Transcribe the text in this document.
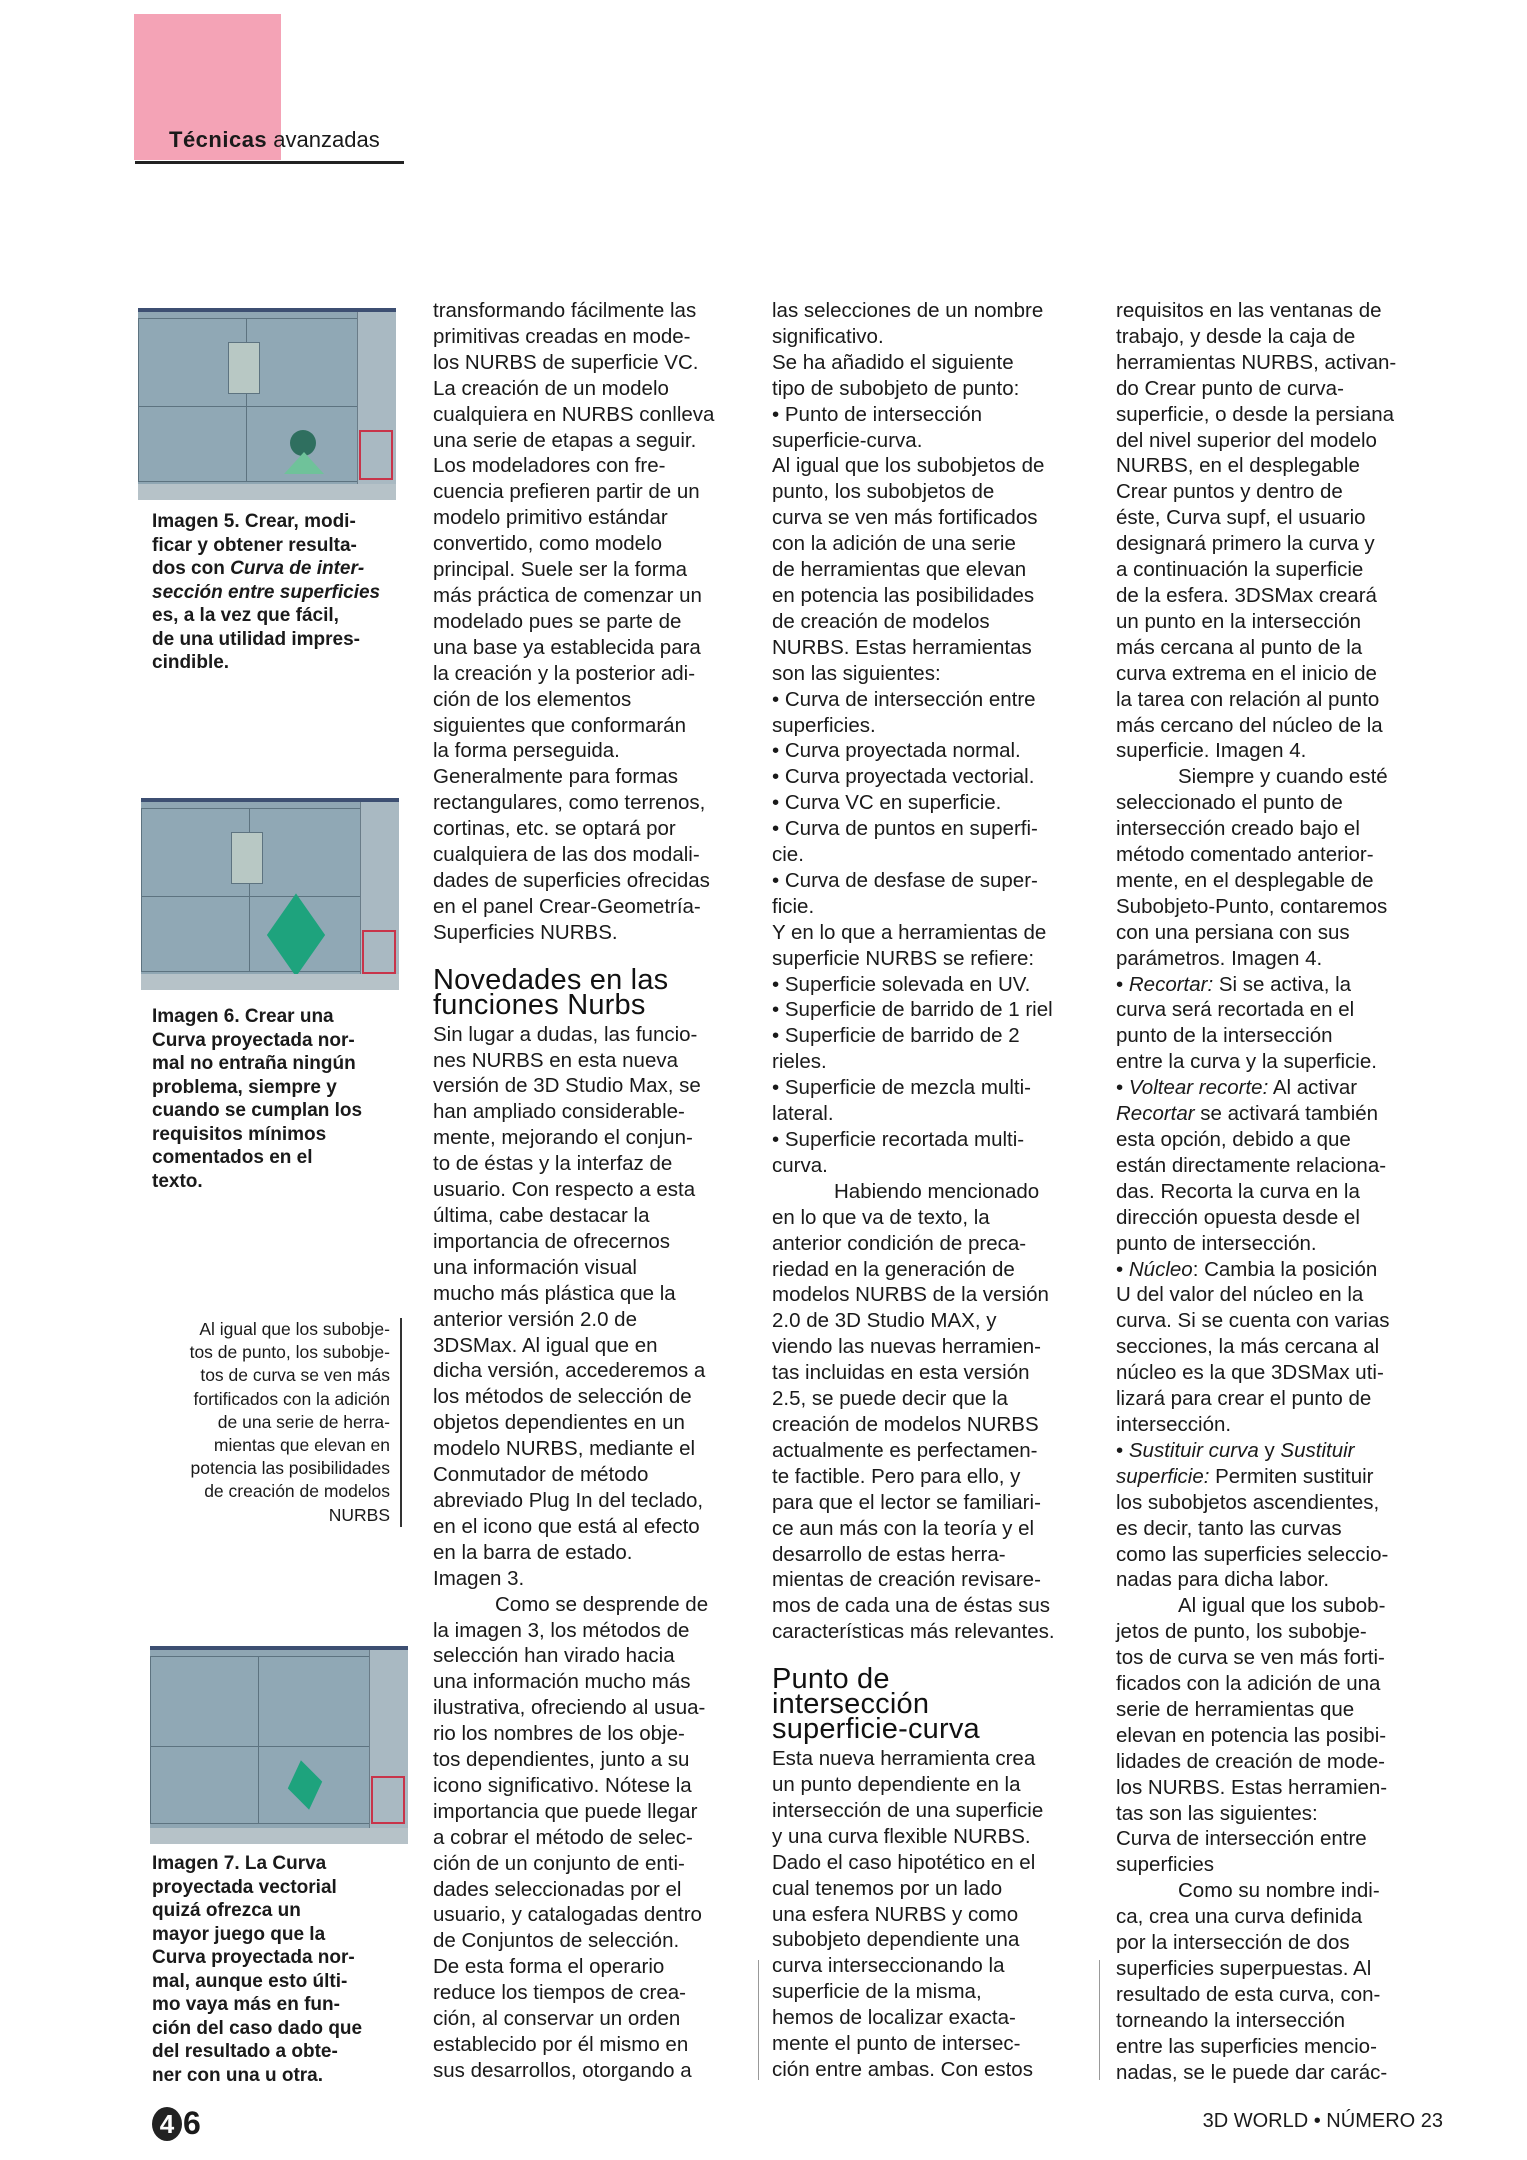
Técnicas avanzadas
Imagen 5. Crear, modi-
ficar y obtener resulta-
dos con Curva de inter-
sección entre superficies
es, a la vez que fácil,
de una utilidad impres-
cindible.
Imagen 6. Crear una
Curva proyectada nor-
mal no entraña ningún
problema, siempre y
cuando se cumplan los
requisitos mínimos
comentados en el
texto.
Al igual que los subobje-
tos de punto, los subobje-
tos de curva se ven más
fortificados con la adición
de una serie de herra-
mientas que elevan en
potencia las posibilidades
de creación de modelos
NURBS
Imagen 7. La Curva
proyectada vectorial
quizá ofrezca un
mayor juego que la
Curva proyectada nor-
mal, aunque esto últi-
mo vaya más en fun-
ción del caso dado que
del resultado a obte-
ner con una u otra.
transformando fácilmente las
primitivas creadas en mode-
los NURBS de superficie VC.
La creación de un modelo
cualquiera en NURBS conlleva
una serie de etapas a seguir.
Los modeladores con fre-
cuencia prefieren partir de un
modelo primitivo estándar
convertido, como modelo
principal. Suele ser la forma
más práctica de comenzar un
modelado pues se parte de
una base ya establecida para
la creación y la posterior adi-
ción de los elementos
siguientes que conformarán
la forma perseguida.
Generalmente para formas
rectangulares, como terrenos,
cortinas, etc. se optará por
cualquiera de las dos modali-
dades de superficies ofrecidas
en el panel Crear-Geometría-
Superficies NURBS.
Novedades en las
funciones Nurbs
Sin lugar a dudas, las funcio-
nes NURBS en esta nueva
versión de 3D Studio Max, se
han ampliado considerable-
mente, mejorando el conjun-
to de éstas y la interfaz de
usuario. Con respecto a esta
última, cabe destacar la
importancia de ofrecernos
una información visual
mucho más plástica que la
anterior versión 2.0 de
3DSMax. Al igual que en
dicha versión, accederemos a
los métodos de selección de
objetos dependientes en un
modelo NURBS, mediante el
Conmutador de método
abreviado Plug In del teclado,
en el icono que está al efecto
en la barra de estado.
Imagen 3.
Como se desprende de
la imagen 3, los métodos de
selección han virado hacia
una información mucho más
ilustrativa, ofreciendo al usua-
rio los nombres de los obje-
tos dependientes, junto a su
icono significativo. Nótese la
importancia que puede llegar
a cobrar el método de selec-
ción de un conjunto de enti-
dades seleccionadas por el
usuario, y catalogadas dentro
de Conjuntos de selección.
De esta forma el operario
reduce los tiempos de crea-
ción, al conservar un orden
establecido por él mismo en
sus desarrollos, otorgando a
las selecciones de un nombre
significativo.
Se ha añadido el siguiente
tipo de subobjeto de punto:
• Punto de intersección
superficie-curva.
Al igual que los subobjetos de
punto, los subobjetos de
curva se ven más fortificados
con la adición de una serie
de herramientas que elevan
en potencia las posibilidades
de creación de modelos
NURBS. Estas herramientas
son las siguientes:
• Curva de intersección entre
superficies.
• Curva proyectada normal.
• Curva proyectada vectorial.
• Curva VC en superficie.
• Curva de puntos en superfi-
cie.
• Curva de desfase de super-
ficie.
Y en lo que a herramientas de
superficie NURBS se refiere:
• Superficie solevada en UV.
• Superficie de barrido de 1 riel
• Superficie de barrido de 2
rieles.
• Superficie de mezcla multi-
lateral.
• Superficie recortada multi-
curva.
Habiendo mencionado
en lo que va de texto, la
anterior condición de preca-
riedad en la generación de
modelos NURBS de la versión
2.0 de 3D Studio MAX, y
viendo las nuevas herramien-
tas incluidas en esta versión
2.5, se puede decir que la
creación de modelos NURBS
actualmente es perfectamen-
te factible. Pero para ello, y
para que el lector se familiari-
ce aun más con la teoría y el
desarrollo de estas herra-
mientas de creación revisare-
mos de cada una de éstas sus
características más relevantes.
Punto de
intersección
superficie-curva
Esta nueva herramienta crea
un punto dependiente en la
intersección de una superficie
y una curva flexible NURBS.
Dado el caso hipotético en el
cual tenemos por un lado
una esfera NURBS y como
subobjeto dependiente una
curva interseccionando la
superficie de la misma,
hemos de localizar exacta-
mente el punto de intersec-
ción entre ambas. Con estos
requisitos en las ventanas de
trabajo, y desde la caja de
herramientas NURBS, activan-
do Crear punto de curva-
superficie, o desde la persiana
del nivel superior del modelo
NURBS, en el desplegable
Crear puntos y dentro de
éste, Curva supf, el usuario
designará primero la curva y
a continuación la superficie
de la esfera. 3DSMax creará
un punto en la intersección
más cercana al punto de la
curva extrema en el inicio de
la tarea con relación al punto
más cercano del núcleo de la
superficie. Imagen 4.
Siempre y cuando esté
seleccionado el punto de
intersección creado bajo el
método comentado anterior-
mente, en el desplegable de
Subobjeto-Punto, contaremos
con una persiana con sus
parámetros. Imagen 4.
• Recortar: Si se activa, la
curva será recortada en el
punto de la intersección
entre la curva y la superficie.
• Voltear recorte: Al activar
Recortar se activará también
esta opción, debido a que
están directamente relaciona-
das. Recorta la curva en la
dirección opuesta desde el
punto de intersección.
• Núcleo: Cambia la posición
U del valor del núcleo en la
curva. Si se cuenta con varias
secciones, la más cercana al
núcleo es la que 3DSMax uti-
lizará para crear el punto de
intersección.
• Sustituir curva y Sustituir
superficie: Permiten sustituir
los subobjetos ascendientes,
es decir, tanto las curvas
como las superficies seleccio-
nadas para dicha labor.
Al igual que los subob-
jetos de punto, los subobje-
tos de curva se ven más forti-
ficados con la adición de una
serie de herramientas que
elevan en potencia las posibi-
lidades de creación de mode-
los NURBS. Estas herramien-
tas son las siguientes:
Curva de intersección entre
superficies
Como su nombre indi-
ca, crea una curva definida
por la intersección de dos
superficies superpuestas. Al
resultado de esta curva, con-
torneando la intersección
entre las superficies mencio-
nadas, se le puede dar carác-
4 6	3D WORLD • NÚMERO 23
